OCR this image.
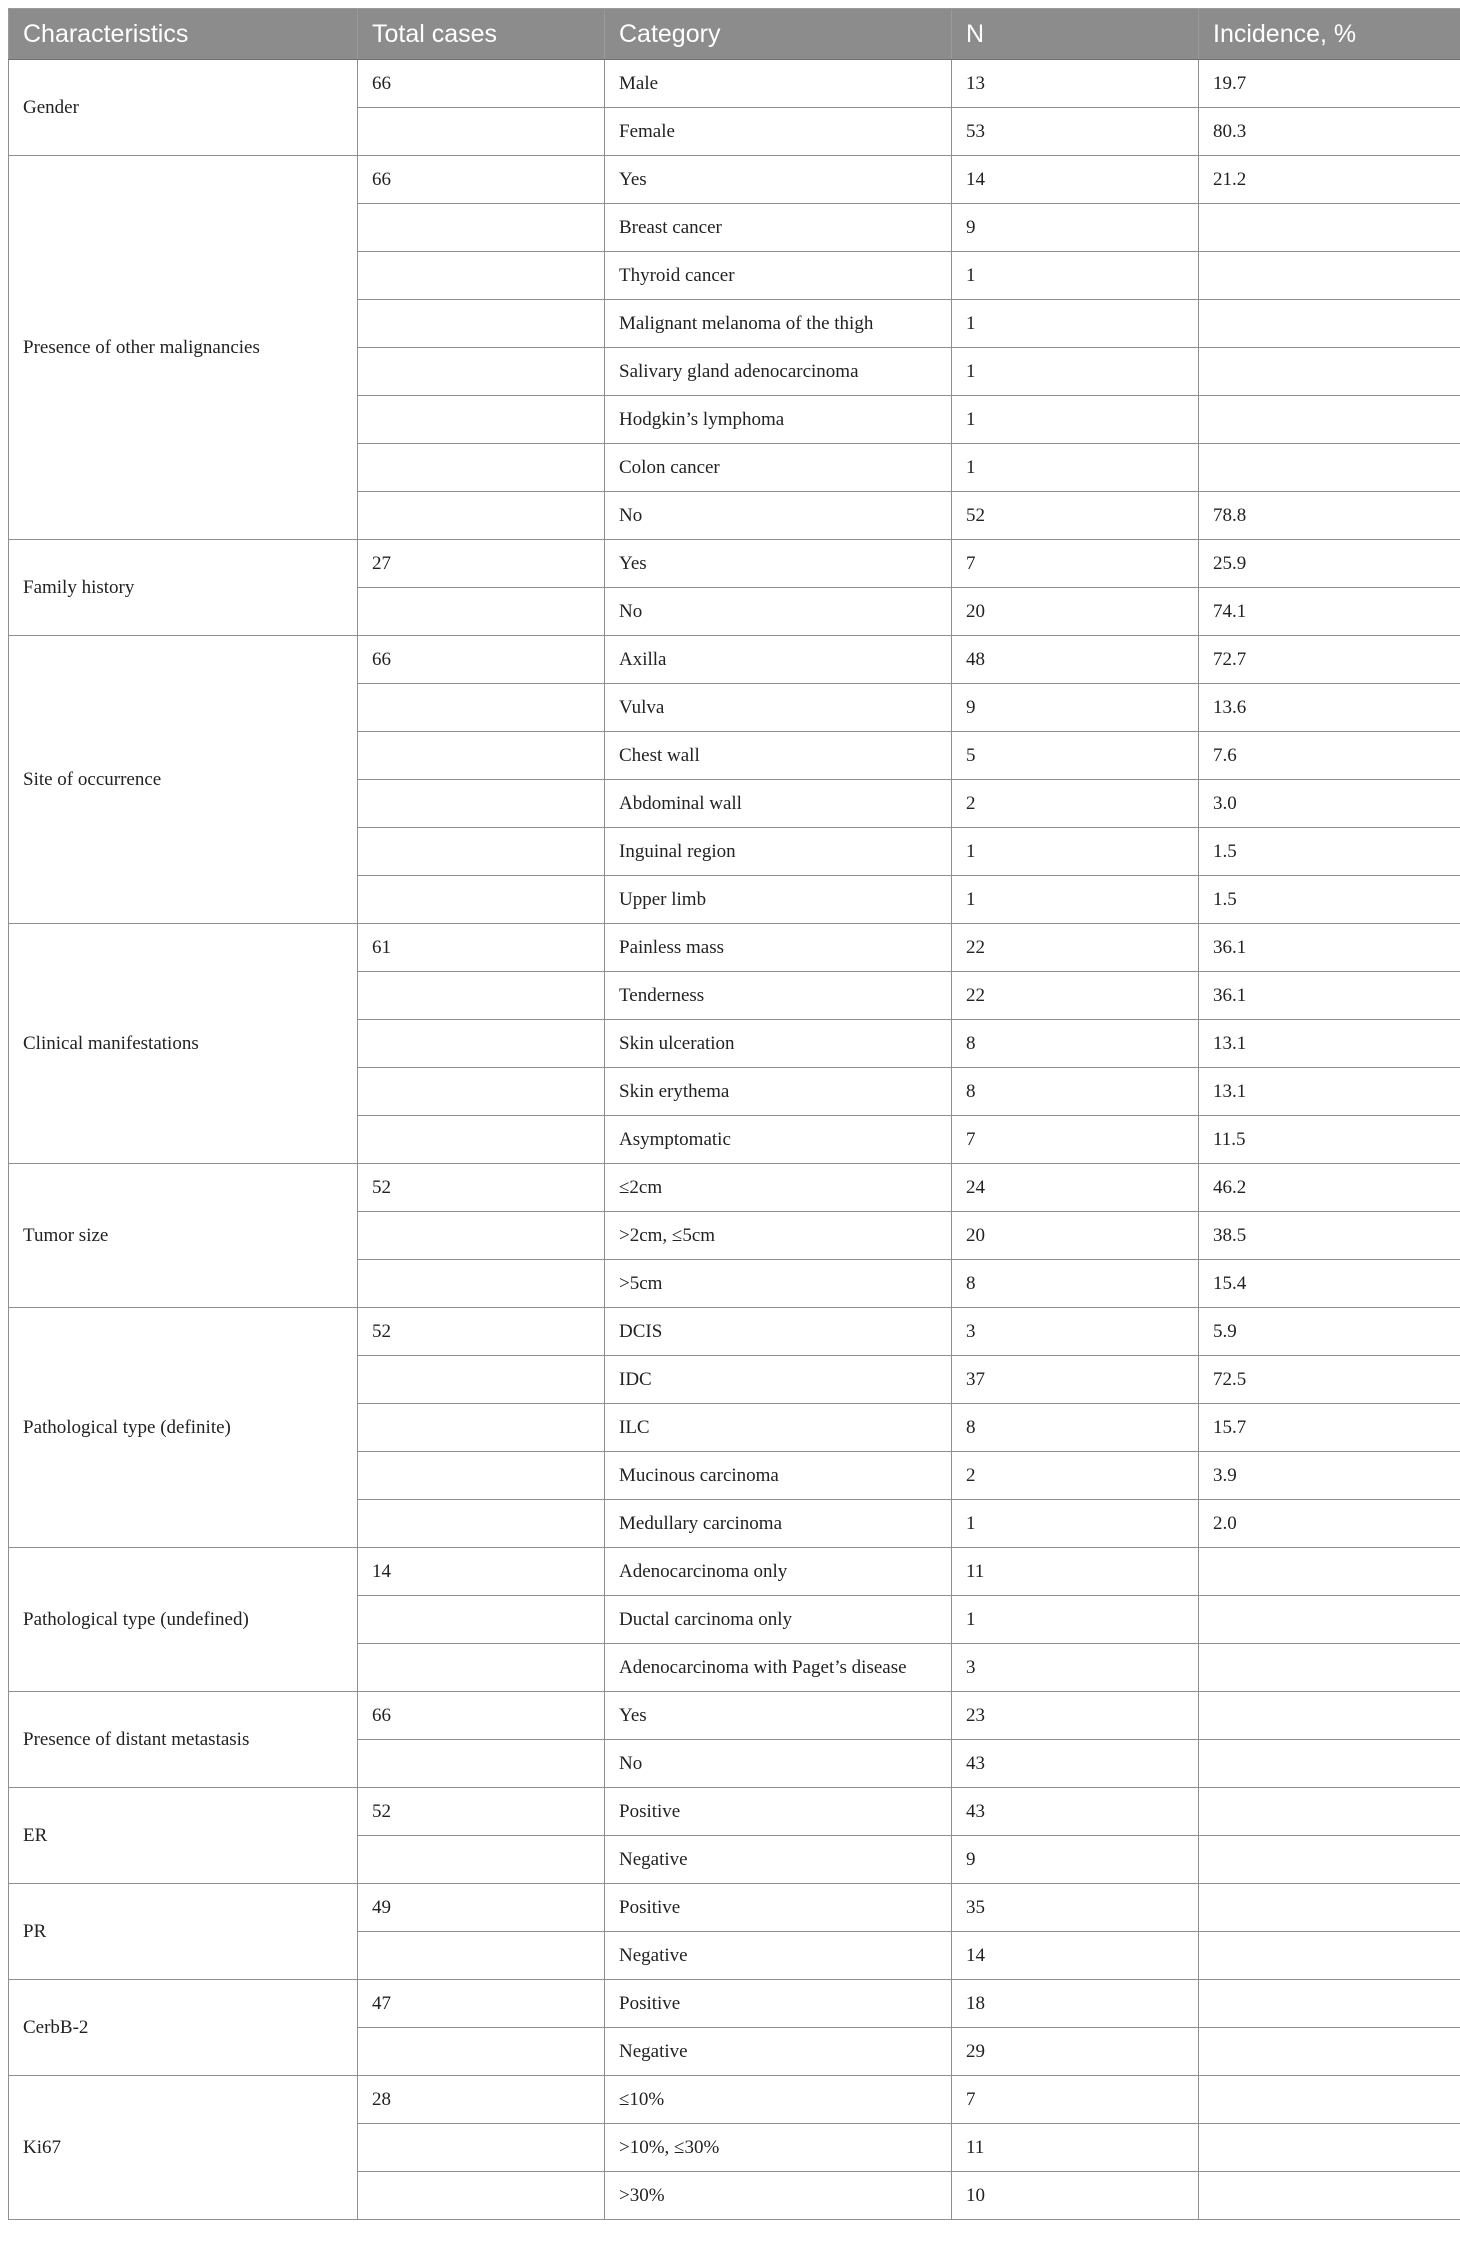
Characteristics	Total cases	Category	N	Incidence, %
Gender	66	Male	13	19.7
		Female	53	80.3
Presence of other malignancies	66	Yes	14	21.2
		Breast cancer	9	
		Thyroid cancer	1	
		Malignant melanoma of the thigh	1	
		Salivary gland adenocarcinoma	1	
		Hodgkin’s lymphoma	1	
		Colon cancer	1	
		No	52	78.8
Family history	27	Yes	7	25.9
		No	20	74.1
Site of occurrence	66	Axilla	48	72.7
		Vulva	9	13.6
		Chest wall	5	7.6
		Abdominal wall	2	3.0
		Inguinal region	1	1.5
		Upper limb	1	1.5
Clinical manifestations	61	Painless mass	22	36.1
		Tenderness	22	36.1
		Skin ulceration	8	13.1
		Skin erythema	8	13.1
		Asymptomatic	7	11.5
Tumor size	52	≤2cm	24	46.2
		>2cm, ≤5cm	20	38.5
		>5cm	8	15.4
Pathological type (definite)	52	DCIS	3	5.9
		IDC	37	72.5
		ILC	8	15.7
		Mucinous carcinoma	2	3.9
		Medullary carcinoma	1	2.0
Pathological type (undefined)	14	Adenocarcinoma only	11	
		Ductal carcinoma only	1	
		Adenocarcinoma with Paget’s disease	3	
Presence of distant metastasis	66	Yes	23	
		No	43	
ER	52	Positive	43	
		Negative	9	
PR	49	Positive	35	
		Negative	14	
CerbB-2	47	Positive	18	
		Negative	29	
Ki67	28	≤10%	7	
		>10%, ≤30%	11	
		>30%	10	
